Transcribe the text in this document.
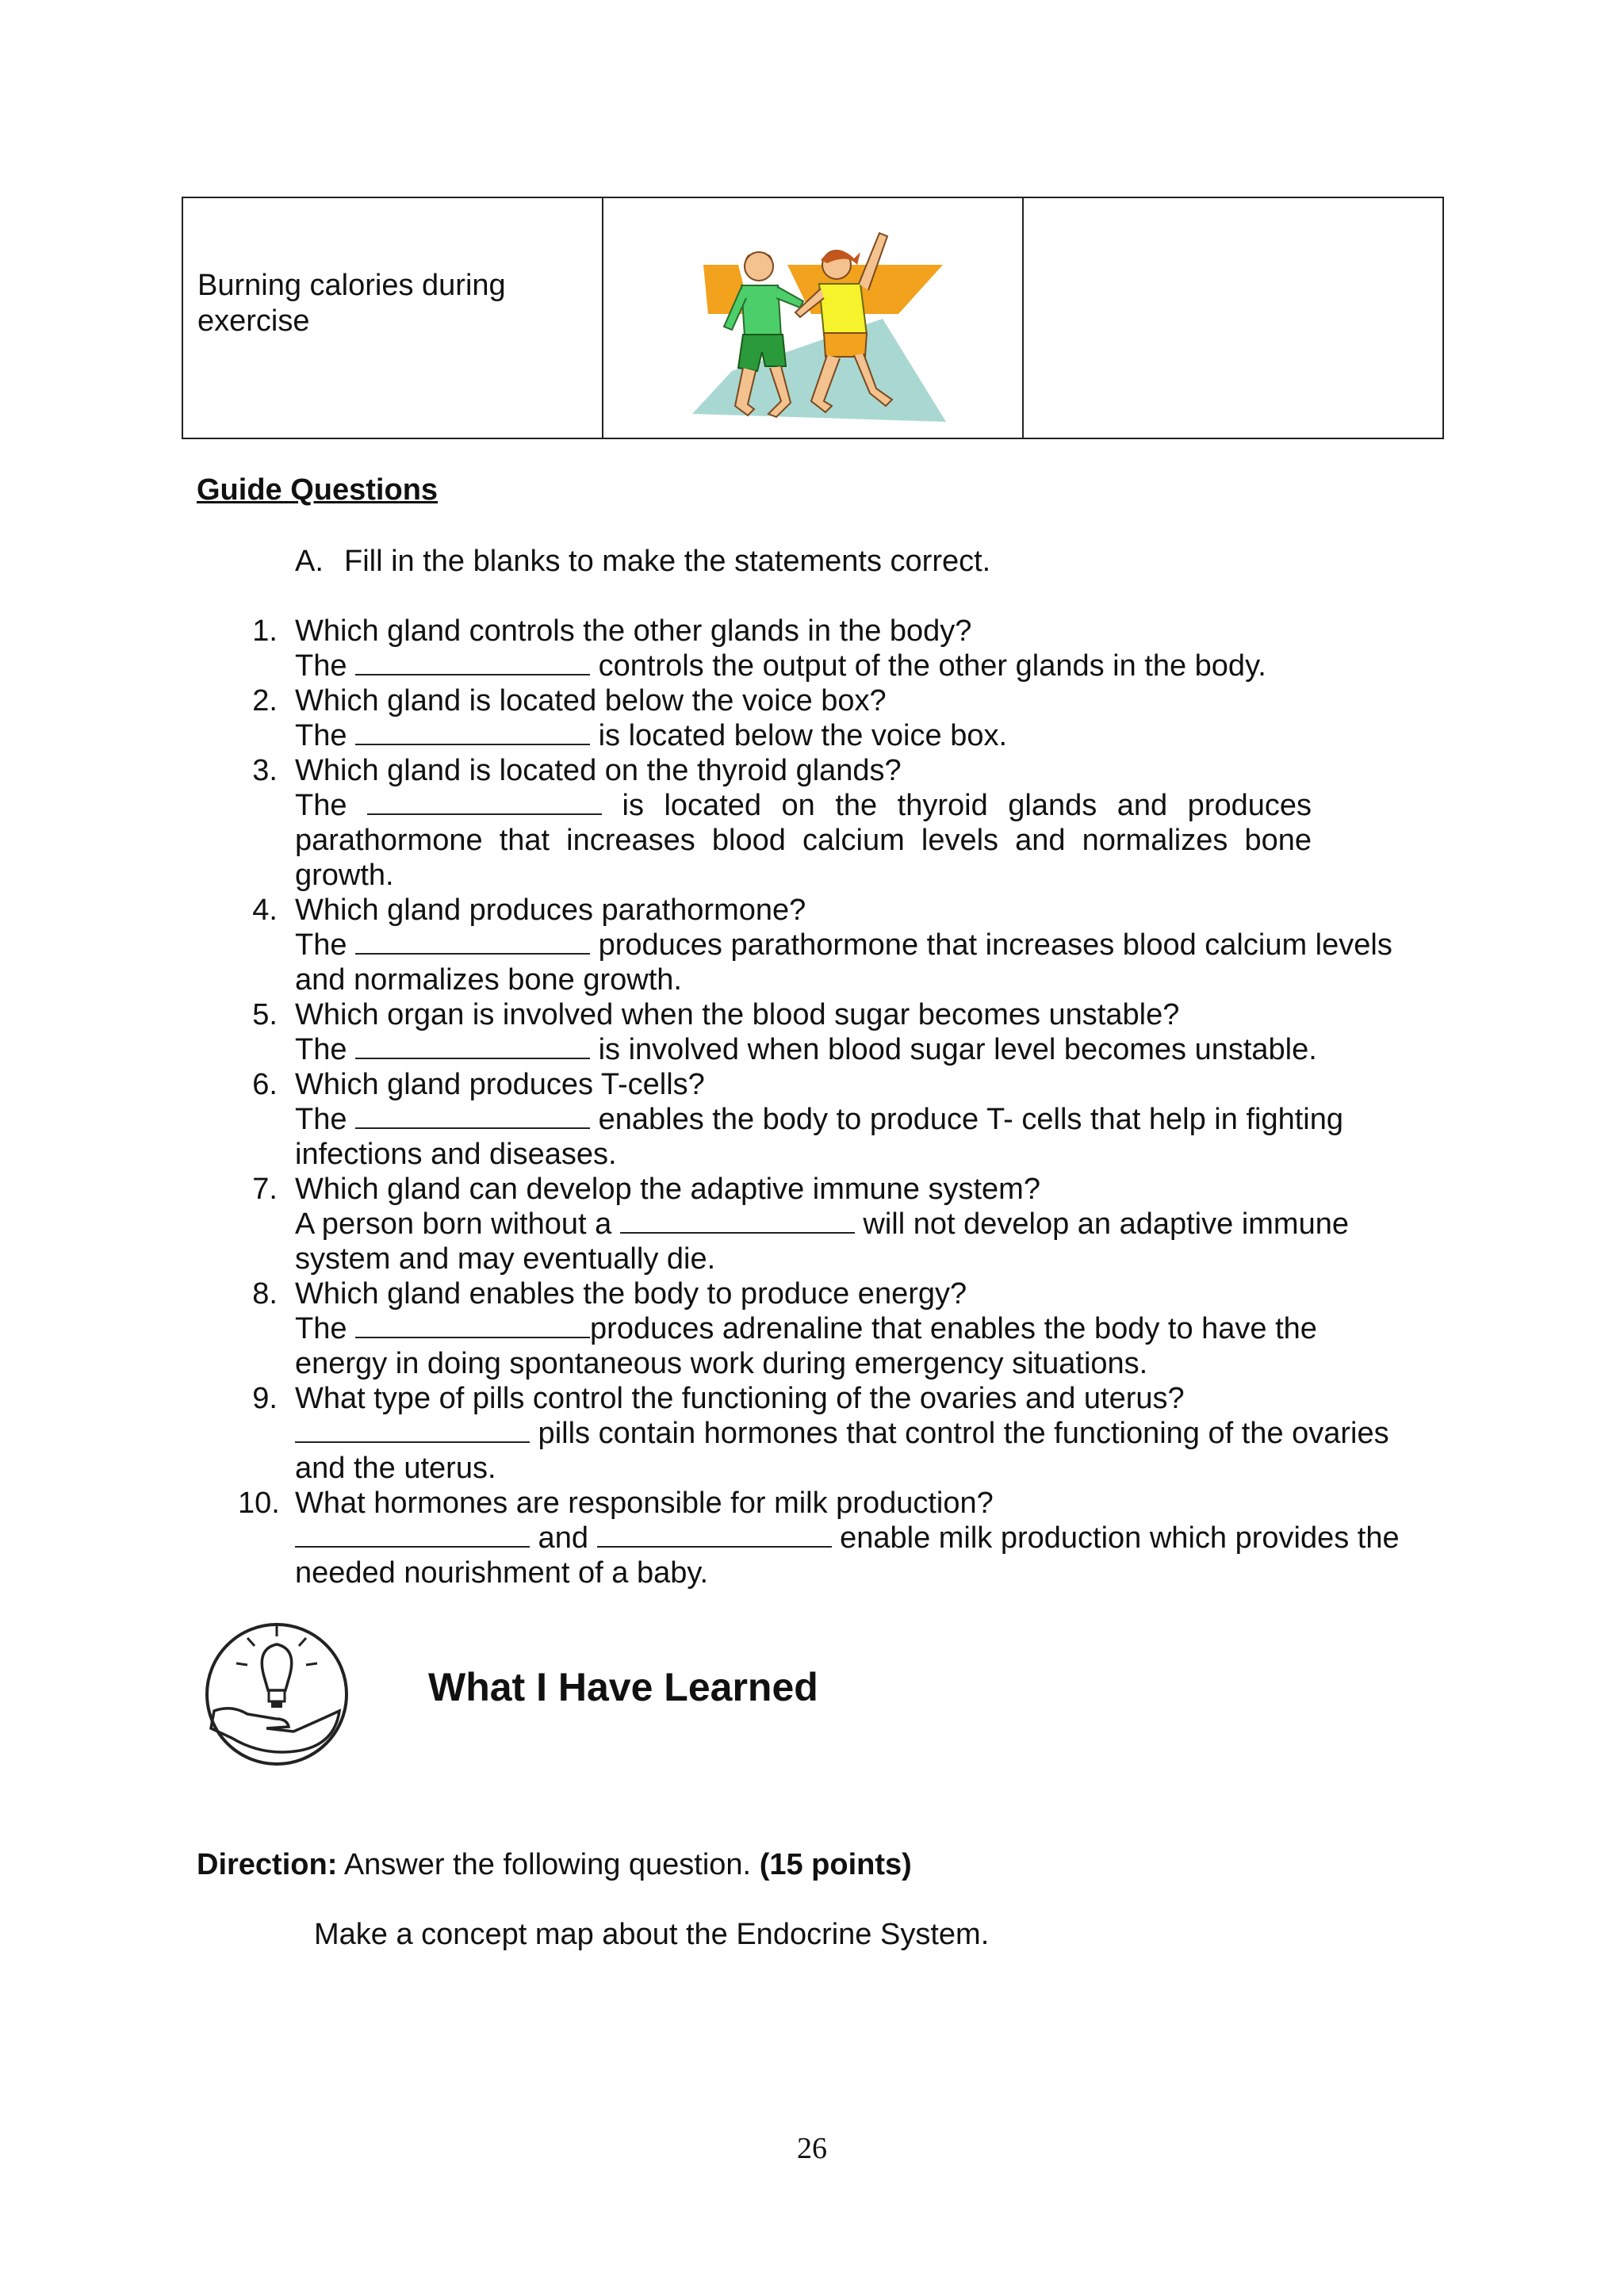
Burning calories during exercise
Guide Questions
A. Fill in the blanks to make the statements correct.
1. Which gland controls the other glands in the body?
The	controls the output of the other glands in the body.
2. Which gland is located below the voice box?
The	is located below the voice box.
3. Which gland is located on the thyroid glands?
The	is located on the thyroid glands and produces parathormone that increases blood calcium levels and normalizes bone growth.
4. Which gland produces parathormone?
The	produces parathormone that increases blood calcium levels and normalizes bone growth.
5. Which organ is involved when the blood sugar becomes unstable?
The	is involved when blood sugar level becomes unstable.
6. Which gland produces T-cells?
The	enables the body to produce T- cells that help in fighting infections and diseases.
7. Which gland can develop the adaptive immune system?
A person born without a	will not develop an adaptive immune system and may eventually die.
8. Which gland enables the body to produce energy?
The	produces adrenaline that enables the body to have the energy in doing spontaneous work during emergency situations.
9. What type of pills control the functioning of the ovaries and uterus?
pills contain hormones that control the functioning of the ovaries and the uterus.
10. What hormones are responsible for milk production?
and	enable milk production which provides the needed nourishment of a baby.
What I Have Learned
Direction: Answer the following question. (15 points)
Make a concept map about the Endocrine System.
26
